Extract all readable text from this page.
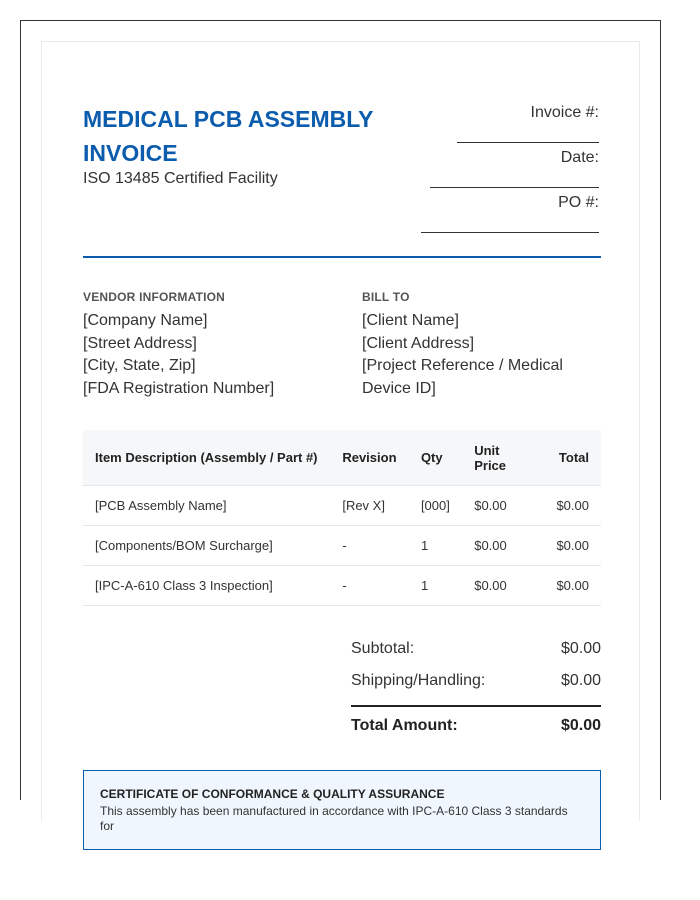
MEDICAL PCB ASSEMBLY
INVOICE
ISO 13485 Certified Facility
Invoice #:
Date:
PO #:
VENDOR INFORMATION
[Company Name]
[Street Address]
[City, State, Zip]
[FDA Registration Number]
BILL TO
[Client Name]
[Client Address]
[Project Reference / Medical
Device ID]
Item Description (Assembly / Part #)	Revision	Qty	Unit Price	Total
[PCB Assembly Name]	[Rev X]	[000]	$0.00	$0.00
[Components/BOM Surcharge]	-	1	$0.00	$0.00
[IPC-A-610 Class 3 Inspection]	-	1	$0.00	$0.00
Subtotal:	$0.00
Shipping/Handling:	$0.00
Total Amount:	$0.00
CERTIFICATE OF CONFORMANCE & QUALITY ASSURANCE
This assembly has been manufactured in accordance with IPC-A-610 Class 3 standards for
